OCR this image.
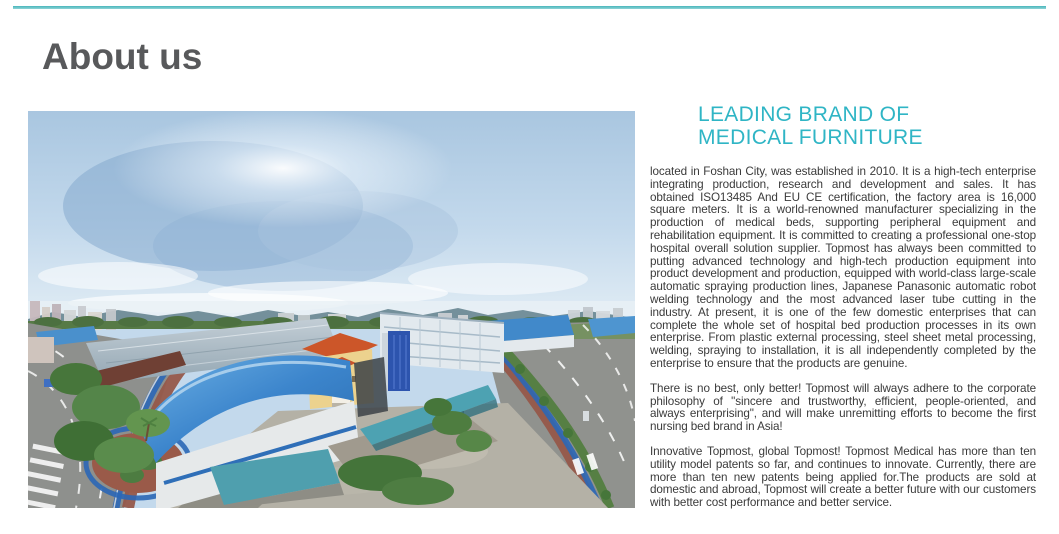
About us
LEADING BRAND OF
MEDICAL FURNITURE

located in Foshan City, was established in 2010. It is a high-tech enterprise integrating production, research and development and sales. It has obtained ISO13485 And EU CE certification, the factory area is 16,000 square meters. It is a world-renowned manufacturer specializing in the production of medical beds, supporting peripheral equipment and rehabilitation equipment. It is committed to creating a professional one-stop hospital overall solution supplier. Topmost has always been committed to putting advanced technology and high-tech production equipment into product development and production, equipped with world-class large-scale automatic spraying production lines, Japanese Panasonic automatic robot welding technology and the most advanced laser tube cutting in the industry. At present, it is one of the few domestic enterprises that can complete the whole set of hospital bed production processes in its own enterprise. From plastic external processing, steel sheet metal processing, welding, spraying to installation, it is all independently completed by the enterprise to ensure that the products are genuine.

There is no best, only better! Topmost will always adhere to the corporate philosophy of "sincere and trustworthy, efficient, people-oriented, and always enterprising", and will make unremitting efforts to become the first nursing bed brand in Asia!

Innovative Topmost, global Topmost! Topmost Medical has more than ten utility model patents so far, and continues to innovate. Currently, there are more than ten new patents being applied for.The products are sold at domestic and abroad, Topmost will create a better future with our customers with better cost performance and better service.
